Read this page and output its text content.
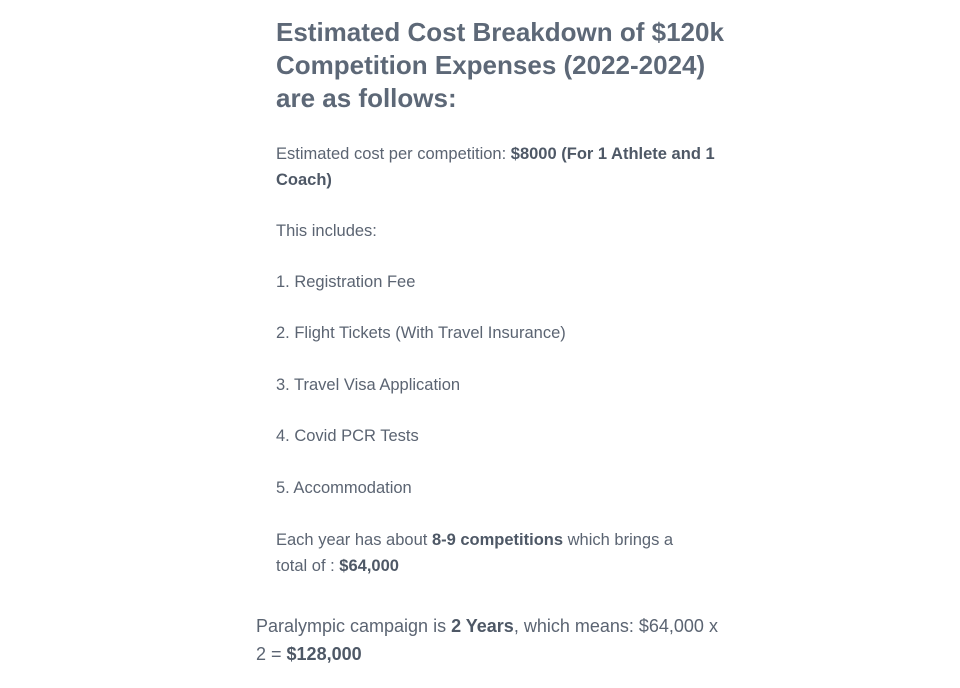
Estimated Cost Breakdown of $120k Competition Expenses (2022-2024) are as follows:
Estimated cost per competition: $8000 (For 1 Athlete and 1 Coach)
This includes:
1. Registration Fee
2. Flight Tickets (With Travel Insurance)
3. Travel Visa Application
4. Covid PCR Tests
5. Accommodation
Each year has about 8-9 competitions which brings a total of : $64,000
Paralympic campaign is 2 Years, which means: $64,000 x 2 = $128,000
